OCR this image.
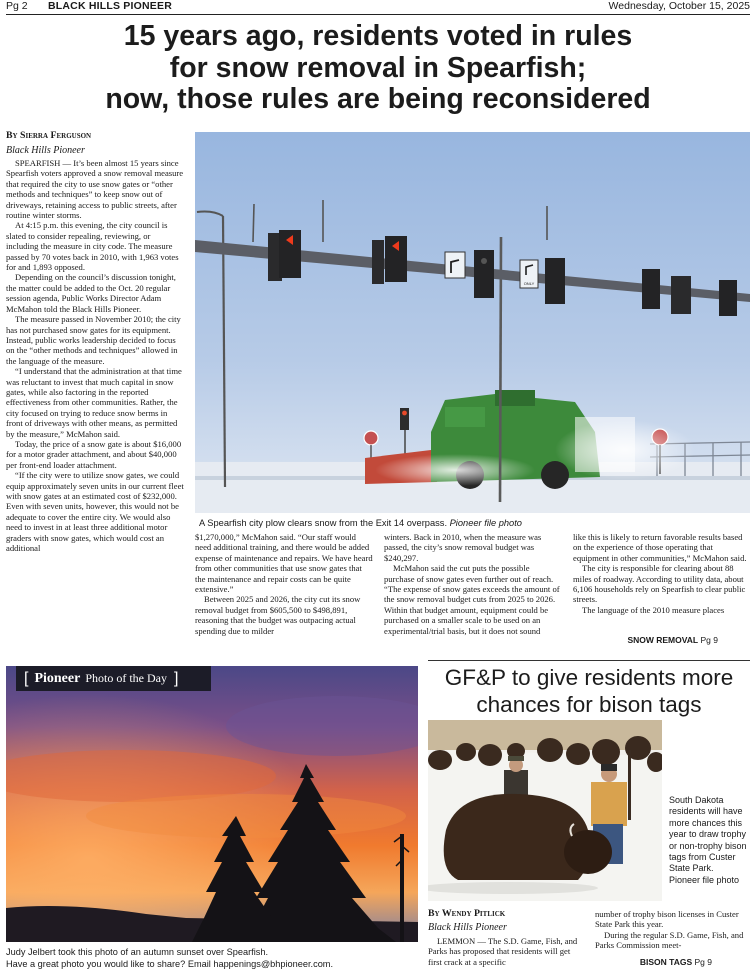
Pg 2 BLACK HILLS PIONEER	Wednesday, October 15, 2025
15 years ago, residents voted in rules
for snow removal in Spearfish;
now, those rules are being reconsidered
By Sierra Ferguson
Black Hills Pioneer

SPEARFISH — It’s been almost 15 years since Spearfish voters approved a snow removal measure that required the city to use snow gates or “other methods and techniques” to keep snow out of driveways, retaining access to public streets, after routine winter storms.

At 4:15 p.m. this evening, the city council is slated to consider repealing, reviewing, or including the measure in city code. The measure passed by 70 votes back in 2010, with 1,963 votes for and 1,893 opposed.

Depending on the council’s discussion tonight, the matter could be added to the Oct. 20 regular session agenda, Public Works Director Adam McMahon told the Black Hills Pioneer.

The measure passed in November 2010; the city has not purchased snow gates for its equipment. Instead, public works leadership decided to focus on the “other methods and techniques” allowed in the language of the measure.

“I understand that the administration at that time was reluctant to invest that much capital in snow gates, while also factoring in the reported effectiveness from other communities. Rather, the city focused on trying to reduce snow berms in front of driveways with other means, as permitted by the measure,” McMahon said.

Today, the price of a snow gate is about $16,000 for a motor grader attachment, and about $40,000 per front-end loader attachment.

“If the city were to utilize snow gates, we could equip approximately seven units in our current fleet with snow gates at an estimated cost of $232,000. Even with seven units, however, this would not be adequate to cover the entire city. We would also need to invest in at least three additional motor graders with snow gates, which would cost an additional

ONLY
A Spearfish city plow clears snow from the Exit 14 overpass. Pioneer file photo

$1,270,000,” McMahon said. “Our staff would need additional training, and there would be added expense of maintenance and repairs. We have heard from other communities that use snow gates that the maintenance and repair costs can be quite extensive.”

Between 2025 and 2026, the city cut its snow removal budget from $605,500 to $498,891, reasoning that the budget was outpacing actual spending due to milder

winters. Back in 2010, when the measure was passed, the city’s snow removal budget was $240,297.

McMahon said the cut puts the possible purchase of snow gates even further out of reach. “The expense of snow gates exceeds the amount of the snow removal budget cuts from 2025 to 2026. Within that budget amount, equipment could be purchased on a smaller scale to be used on an experimental/trial basis, but it does not sound

like this is likely to return favorable results based on the experience of those operating that equipment in other communities,” McMahon said.

The city is responsible for clearing about 88 miles of roadway. According to utility data, about 6,106 households rely on Spearfish to clear public streets.

The language of the 2010 measure places

SNOW REMOVAL Pg 9
[ Pioneer Photo of the Day ]
Judy Jelbert took this photo of an autumn sunset over Spearfish.
Have a great photo you would like to share? Email happenings@bhpioneer.com.
GF&P to give residents more
chances for bison tags
South Dakota residents will have more chances this year to draw trophy or non-trophy bison tags from Custer State Park.
Pioneer file photo
By Wendy Pitlick
Black Hills Pioneer

LEMMON — The S.D. Game, Fish, and Parks has proposed that residents will get first crack at a specific

number of trophy bison licenses in Custer State Park this year.

During the regular S.D. Game, Fish, and Parks Commission meet-

BISON TAGS Pg 9
